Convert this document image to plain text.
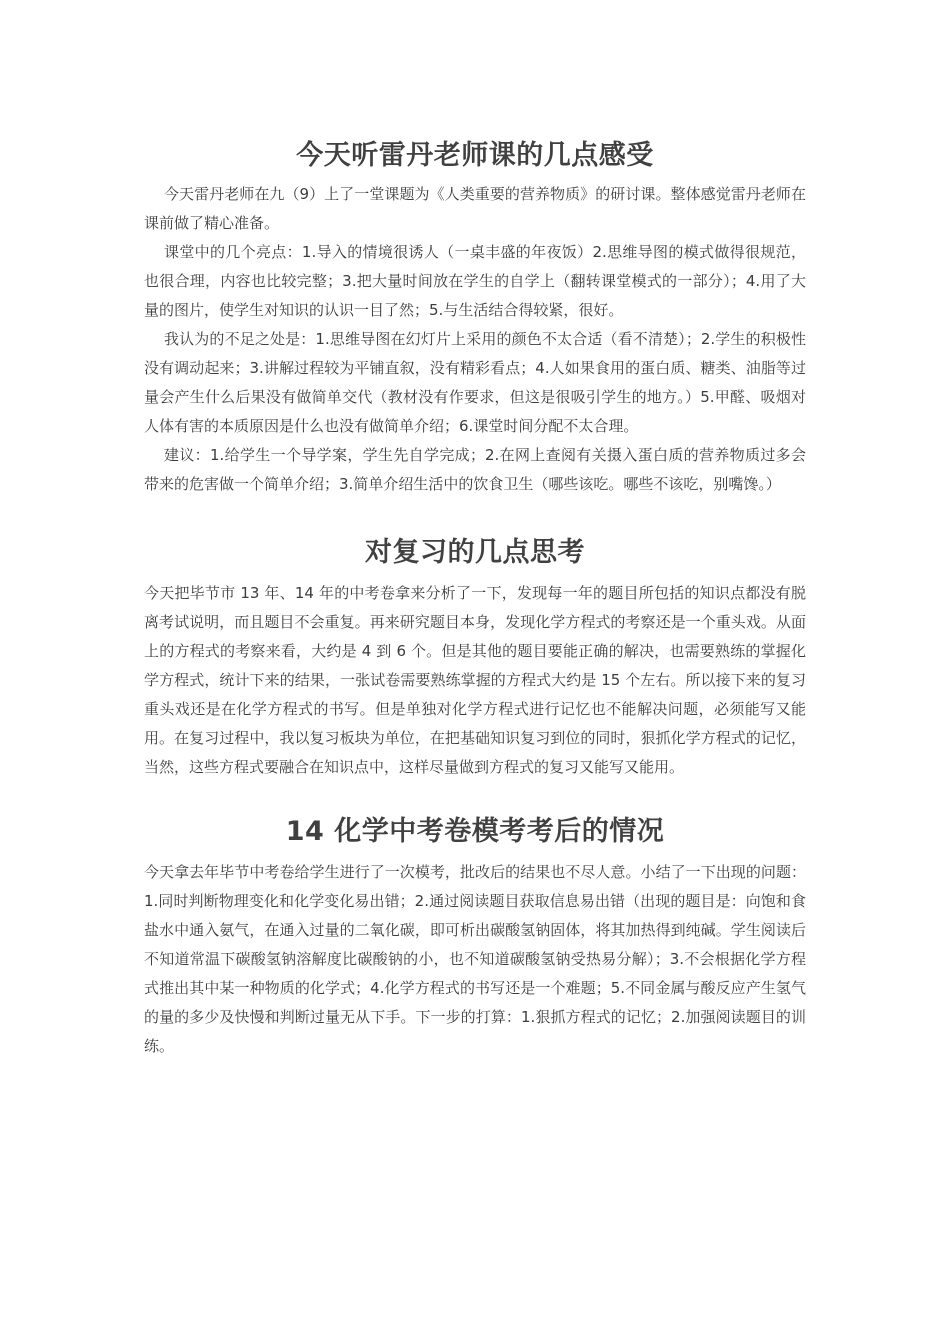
今天听雷丹老师课的几点感受

今天雷丹老师在九（9）上了一堂课题为《人类重要的营养物质》的研讨课。整体感觉雷丹老师在课前做了精心准备。

课堂中的几个亮点：1.导入的情境很诱人（一桌丰盛的年夜饭）2.思维导图的模式做得很规范，也很合理，内容也比较完整；3.把大量时间放在学生的自学上（翻转课堂模式的一部分）；4.用了大量的图片，使学生对知识的认识一目了然；5.与生活结合得较紧，很好。

我认为的不足之处是：1.思维导图在幻灯片上采用的颜色不太合适（看不清楚）；2.学生的积极性没有调动起来；3.讲解过程较为平铺直叙，没有精彩看点；4.人如果食用的蛋白质、糖类、油脂等过量会产生什么后果没有做简单交代（教材没有作要求，但这是很吸引学生的地方。）5.甲醛、吸烟对人体有害的本质原因是什么也没有做简单介绍；6.课堂时间分配不太合理。

建议：1.给学生一个导学案，学生先自学完成；2.在网上查阅有关摄入蛋白质的营养物质过多会带来的危害做一个简单介绍；3.简单介绍生活中的饮食卫生（哪些该吃。哪些不该吃，别嘴馋。）

对复习的几点思考

今天把毕节市 13 年、14 年的中考卷拿来分析了一下，发现每一年的题目所包括的知识点都没有脱离考试说明，而且题目不会重复。再来研究题目本身，发现化学方程式的考察还是一个重头戏。从面上的方程式的考察来看，大约是 4 到 6 个。但是其他的题目要能正确的解决，也需要熟练的掌握化学方程式，统计下来的结果，一张试卷需要熟练掌握的方程式大约是 15 个左右。所以接下来的复习重头戏还是在化学方程式的书写。但是单独对化学方程式进行记忆也不能解决问题，必须能写又能用。在复习过程中，我以复习板块为单位，在把基础知识复习到位的同时，狠抓化学方程式的记忆，当然，这些方程式要融合在知识点中，这样尽量做到方程式的复习又能写又能用。

14 化学中考卷模考考后的情况

今天拿去年毕节中考卷给学生进行了一次模考，批改后的结果也不尽人意。小结了一下出现的问题：1.同时判断物理变化和化学变化易出错；2.通过阅读题目获取信息易出错（出现的题目是：向饱和食盐水中通入氨气，在通入过量的二氧化碳，即可析出碳酸氢钠固体，将其加热得到纯碱。学生阅读后不知道常温下碳酸氢钠溶解度比碳酸钠的小，也不知道碳酸氢钠受热易分解）；3.不会根据化学方程式推出其中某一种物质的化学式；4.化学方程式的书写还是一个难题；5.不同金属与酸反应产生氢气的量的多少及快慢和判断过量无从下手。下一步的打算：1.狠抓方程式的记忆；2.加强阅读题目的训练。
